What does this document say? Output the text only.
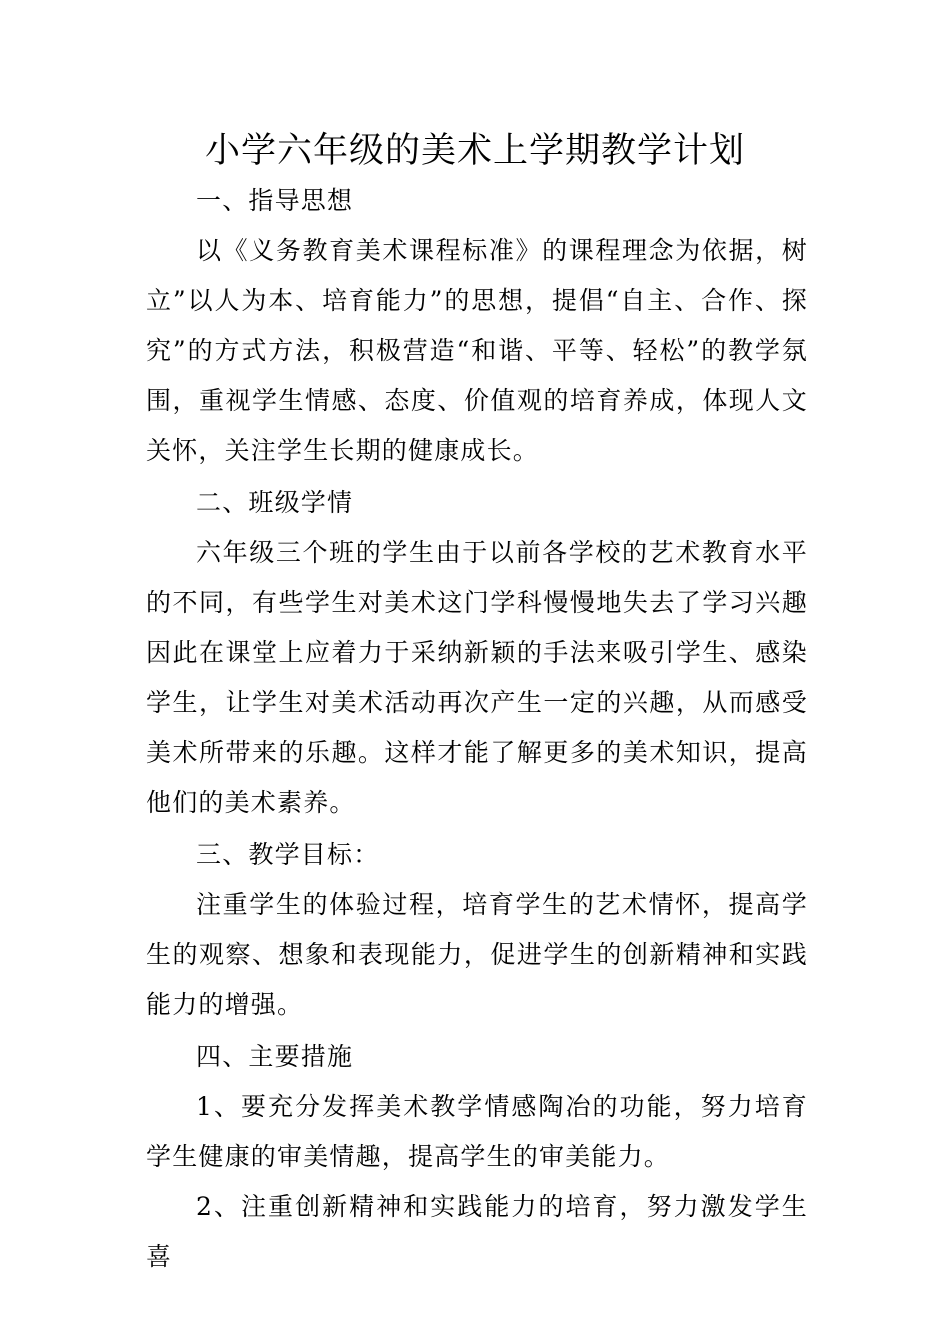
小学六年级的美术上学期教学计划

一、指导思想

以《义务教育美术课程标准》的课程理念为依据，树立”以人为本、培育能力”的思想，提倡“自主、合作、探究”的方式方法，积极营造“和谐、平等、轻松”的教学氛围，重视学生情感、态度、价值观的培育养成，体现人文关怀，关注学生长期的健康成长。

二、班级学情

六年级三个班的学生由于以前各学校的艺术教育水平的不同，有些学生对美术这门学科慢慢地失去了学习兴趣因此在课堂上应着力于采纳新颖的手法来吸引学生、感染学生，让学生对美术活动再次产生一定的兴趣，从而感受美术所带来的乐趣。这样才能了解更多的美术知识，提高他们的美术素养。

三、教学目标：

注重学生的体验过程，培育学生的艺术情怀，提高学生的观察、想象和表现能力，促进学生的创新精神和实践能力的增强。

四、主要措施

1、要充分发挥美术教学情感陶冶的功能，努力培育学生健康的审美情趣，提高学生的审美能力。

2、注重创新精神和实践能力的培育，努力激发学生喜
